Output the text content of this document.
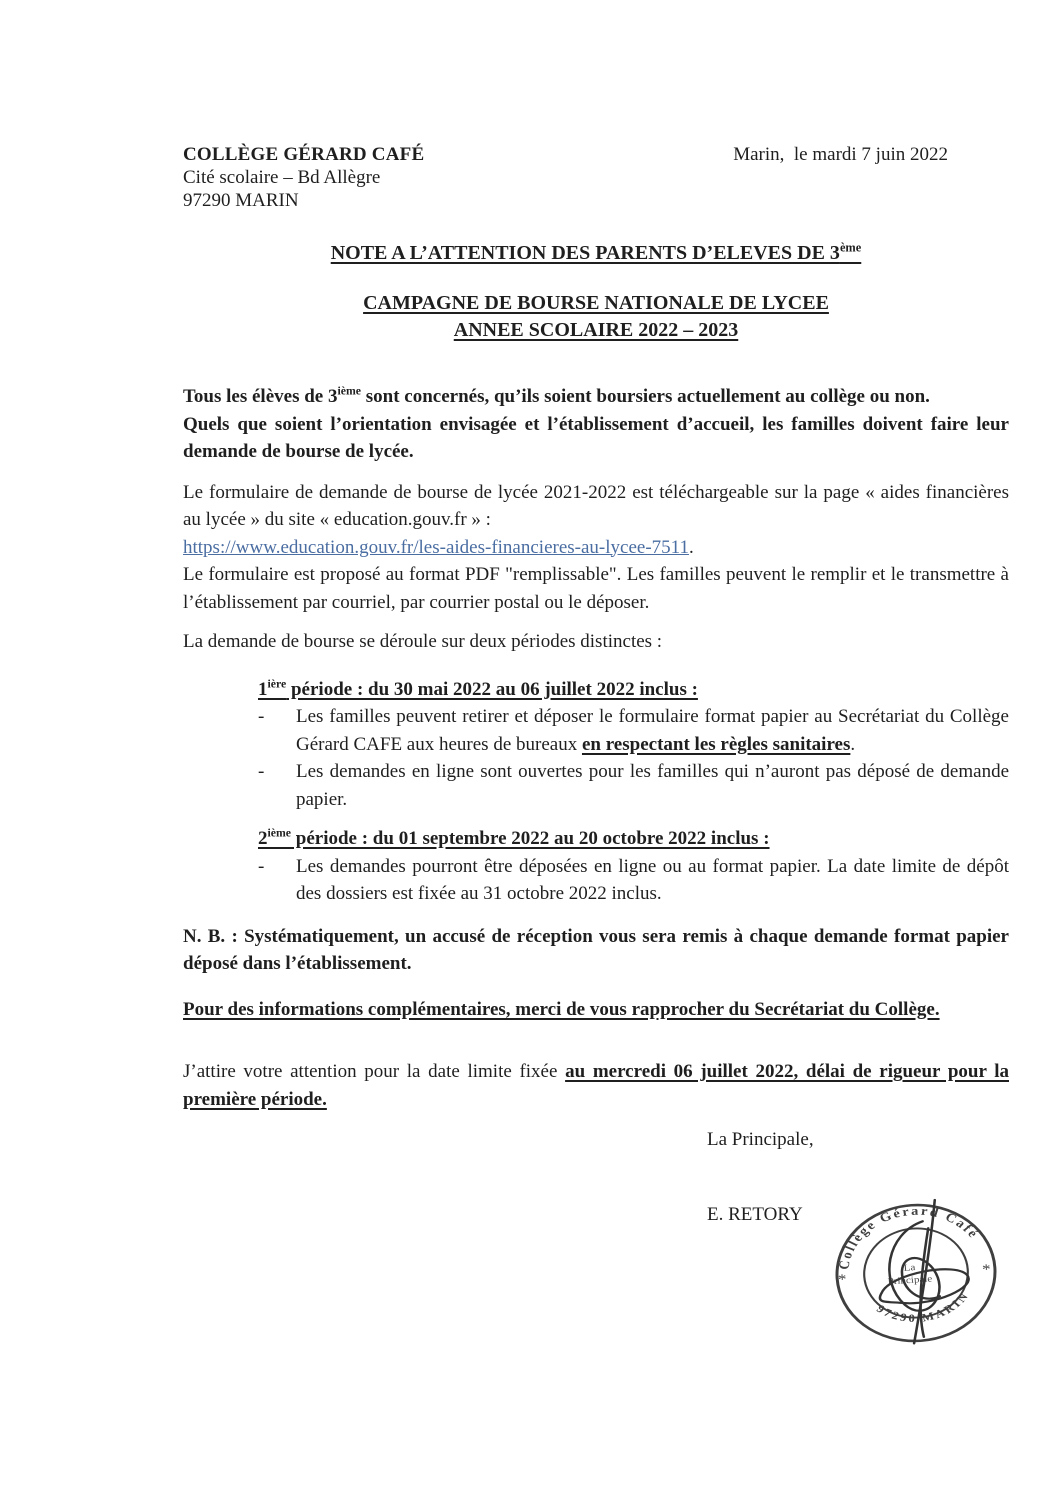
COLLÈGE GÉRARD CAFÉ
Cité scolaire – Bd Allègre
97290 MARIN
Marin,  le mardi 7 juin 2022
NOTE A L’ATTENTION DES PARENTS D’ELEVES DE 3ème
CAMPAGNE DE BOURSE NATIONALE DE LYCEE
ANNEE SCOLAIRE 2022 – 2023
Tous les élèves de 3ième sont concernés, qu’ils soient boursiers actuellement au collège ou non.
Quels que soient l’orientation envisagée et l’établissement d’accueil, les familles doivent faire leur demande de bourse de lycée.
Le formulaire de demande de bourse de lycée 2021-2022 est téléchargeable sur la page « aides financières au lycée » du site « education.gouv.fr » :
https://www.education.gouv.fr/les-aides-financieres-au-lycee-7511.
Le formulaire est proposé au format PDF "remplissable". Les familles peuvent le remplir et le transmettre à l’établissement par courriel, par courrier postal ou le déposer.
La demande de bourse se déroule sur deux périodes distinctes :
$1^{ière}$ période : du 30 mai 2022 au 06 juillet 2022 inclus :
-	Les familles peuvent retirer et déposer le formulaire format papier au Secrétariat du Collège Gérard CAFE aux heures de bureaux en respectant les règles sanitaires.
-	Les demandes en ligne sont ouvertes pour les familles qui n’auront pas déposé de demande papier.
2ième période : du 01 septembre 2022 au 20 octobre 2022 inclus :
-	Les demandes pourront être déposées en ligne ou au format papier. La date limite de dépôt des dossiers est fixée au 31 octobre 2022 inclus.
N. B. : Systématiquement, un accusé de réception vous sera remis à chaque demande format papier déposé dans l’établissement.
Pour des informations complémentaires, merci de vous rapprocher du Secrétariat du Collège.
J’attire votre attention pour la date limite fixée au mercredi 06 juillet 2022, délai de rigueur pour la première période.
La Principale,
E. RETORY
Collège Gérard Café
97290 MARIN
*
*
La
Principale
